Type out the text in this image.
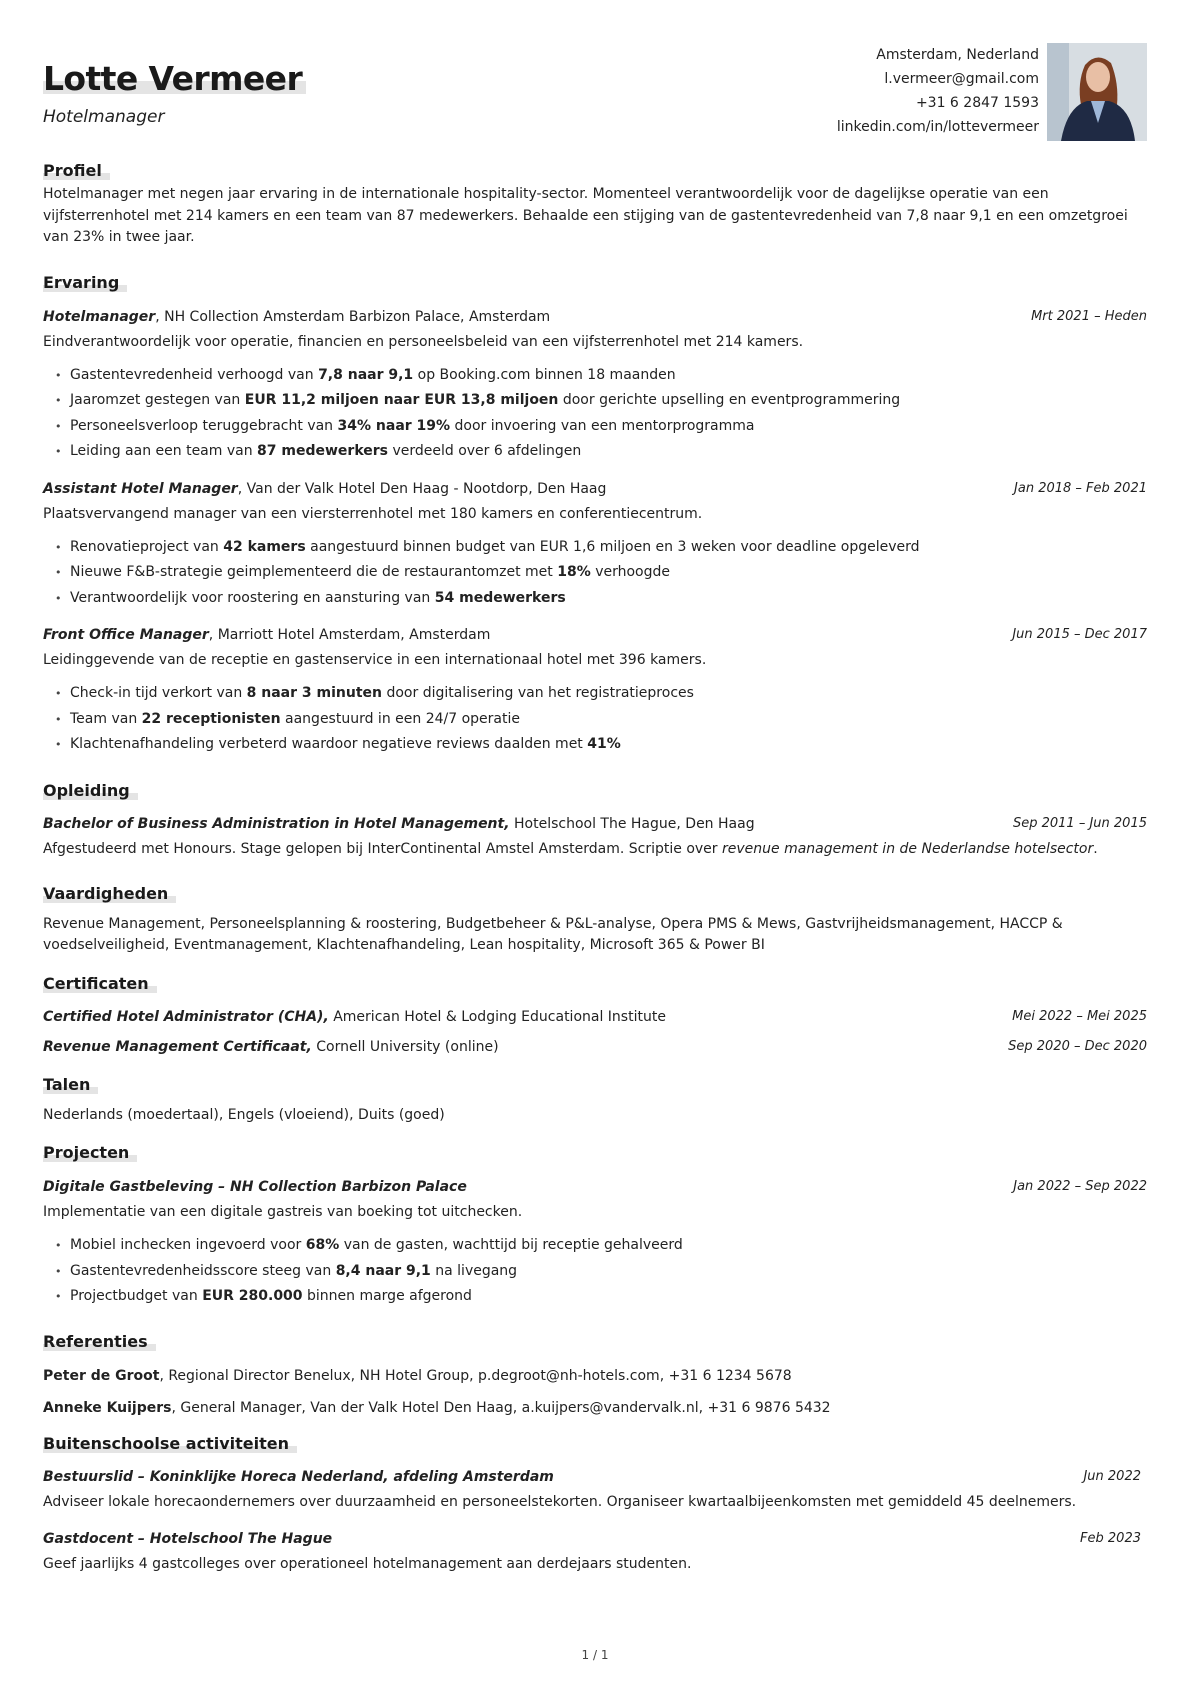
Lotte Vermeer
Hotelmanager
Amsterdam, Nederland
l.vermeer@gmail.com
+31 6 2847 1593
linkedin.com/in/lottevermeer
Profiel
Hotelmanager met negen jaar ervaring in de internationale hospitality-sector. Momenteel verantwoordelijk voor de dagelijkse operatie van een vijfsterrenhotel met 214 kamers en een team van 87 medewerkers. Behaalde een stijging van de gastentevredenheid van 7,8 naar 9,1 en een omzetgroei van 23% in twee jaar.
Ervaring
Hotelmanager, NH Collection Amsterdam Barbizon Palace, Amsterdam	Mrt 2021 – Heden
Eindverantwoordelijk voor operatie, financien en personeelsbeleid van een vijfsterrenhotel met 214 kamers.
• Gastentevredenheid verhoogd van 7,8 naar 9,1 op Booking.com binnen 18 maanden
• Jaaromzet gestegen van EUR 11,2 miljoen naar EUR 13,8 miljoen door gerichte upselling en eventprogrammering
• Personeelsverloop teruggebracht van 34% naar 19% door invoering van een mentorprogramma
• Leiding aan een team van 87 medewerkers verdeeld over 6 afdelingen
Assistant Hotel Manager, Van der Valk Hotel Den Haag - Nootdorp, Den Haag	Jan 2018 – Feb 2021
Plaatsvervangend manager van een viersterrenhotel met 180 kamers en conferentiecentrum.
• Renovatieproject van 42 kamers aangestuurd binnen budget van EUR 1,6 miljoen en 3 weken voor deadline opgeleverd
• Nieuwe F&B-strategie geimplementeerd die de restaurantomzet met 18% verhoogde
• Verantwoordelijk voor roostering en aansturing van 54 medewerkers
Front Office Manager, Marriott Hotel Amsterdam, Amsterdam	Jun 2015 – Dec 2017
Leidinggevende van de receptie en gastenservice in een internationaal hotel met 396 kamers.
• Check-in tijd verkort van 8 naar 3 minuten door digitalisering van het registratieproces
• Team van 22 receptionisten aangestuurd in een 24/7 operatie
• Klachtenafhandeling verbeterd waardoor negatieve reviews daalden met 41%
Opleiding
Bachelor of Business Administration in Hotel Management, Hotelschool The Hague, Den Haag	Sep 2011 – Jun 2015
Afgestudeerd met Honours. Stage gelopen bij InterContinental Amstel Amsterdam. Scriptie over revenue management in de Nederlandse hotelsector.
Vaardigheden
Revenue Management, Personeelsplanning & roostering, Budgetbeheer & P&L-analyse, Opera PMS & Mews, Gastvrijheidsmanagement, HACCP & voedselveiligheid, Eventmanagement, Klachtenafhandeling, Lean hospitality, Microsoft 365 & Power BI
Certificaten
Certified Hotel Administrator (CHA), American Hotel & Lodging Educational Institute	Mei 2022 – Mei 2025
Revenue Management Certificaat, Cornell University (online)	Sep 2020 – Dec 2020
Talen
Nederlands (moedertaal), Engels (vloeiend), Duits (goed)
Projecten
Digitale Gastbeleving – NH Collection Barbizon Palace	Jan 2022 – Sep 2022
Implementatie van een digitale gastreis van boeking tot uitchecken.
• Mobiel inchecken ingevoerd voor 68% van de gasten, wachttijd bij receptie gehalveerd
• Gastentevredenheidsscore steeg van 8,4 naar 9,1 na livegang
• Projectbudget van EUR 280.000 binnen marge afgerond
Referenties
Peter de Groot, Regional Director Benelux, NH Hotel Group, p.degroot@nh-hotels.com, +31 6 1234 5678
Anneke Kuijpers, General Manager, Van der Valk Hotel Den Haag, a.kuijpers@vandervalk.nl, +31 6 9876 5432
Buitenschoolse activiteiten
Bestuurslid – Koninklijke Horeca Nederland, afdeling Amsterdam	Jun 2022
Adviseer lokale horecaondernemers over duurzaamheid en personeelstekorten. Organiseer kwartaalbijeenkomsten met gemiddeld 45 deelnemers.
Gastdocent – Hotelschool The Hague	Feb 2023
Geef jaarlijks 4 gastcolleges over operationeel hotelmanagement aan derdejaars studenten.
1 / 1
